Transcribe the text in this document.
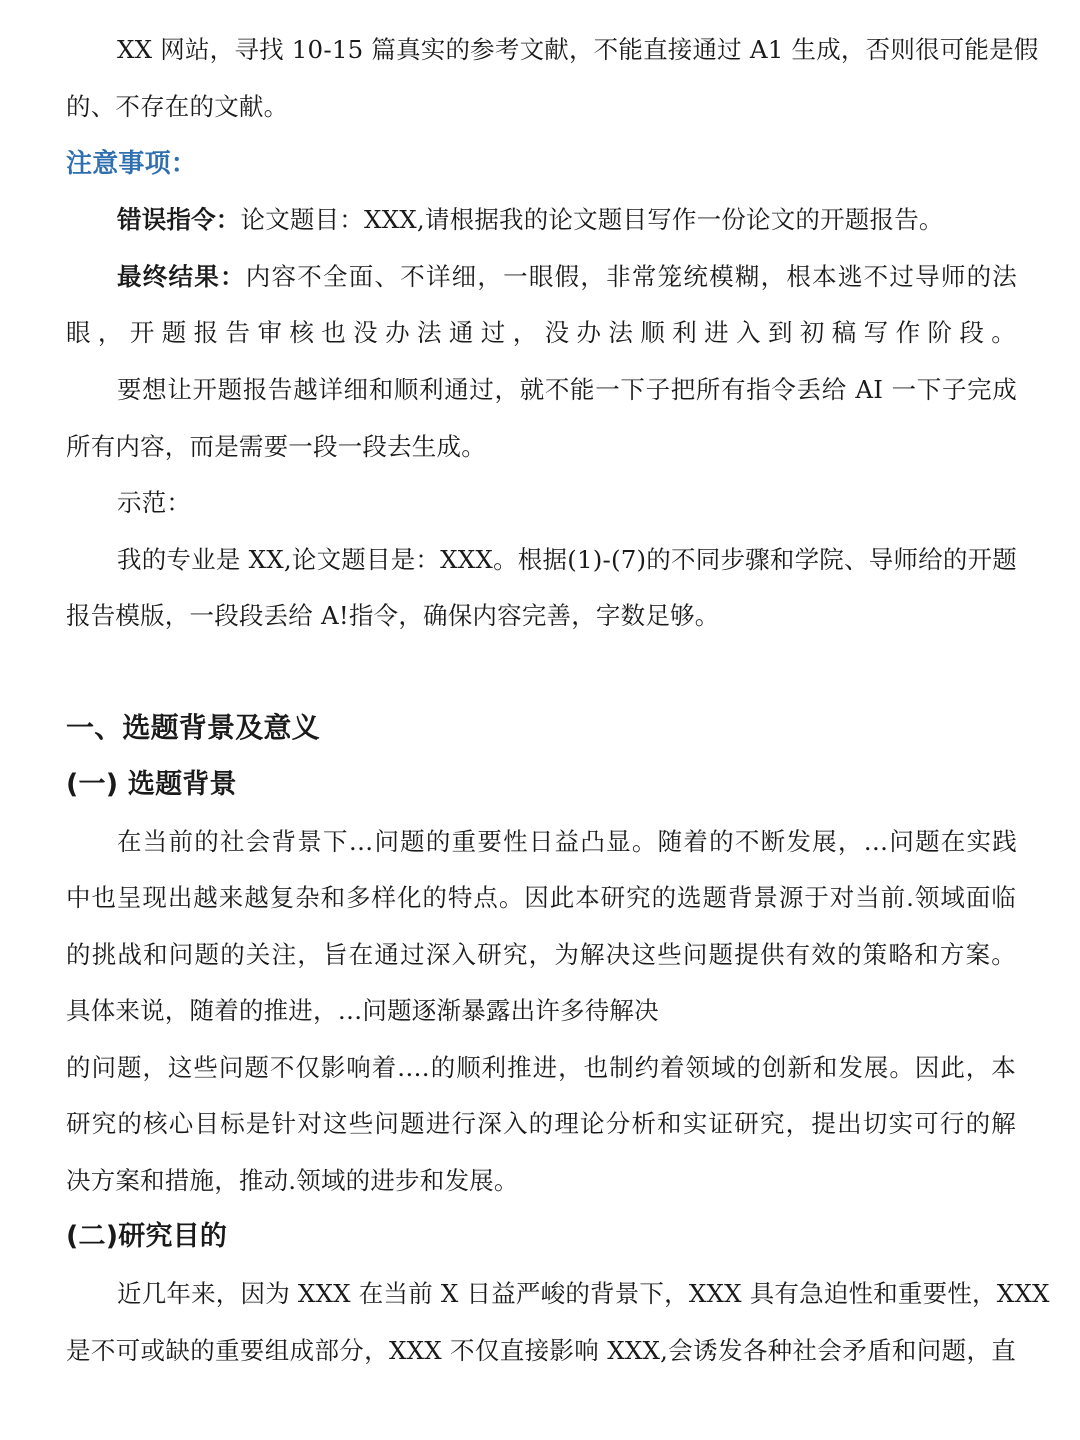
XX 网站，寻找 10-15 篇真实的参考文献，不能直接通过 A1 生成，否则很可能是假
的、不存在的文献。
注意事项：
错误指令：论文题目：XXX,请根据我的论文题目写作一份论文的开题报告。
最终结果：内容不全面、不详细，一眼假，非常笼统模糊，根本逃不过导师的法
眼，开题报告审核也没办法通过，没办法顺利进入到初稿写作阶段。
要想让开题报告越详细和顺利通过，就不能一下子把所有指令丢给 AI 一下子完成
所有内容，而是需要一段一段去生成。
示范：
我的专业是 XX,论文题目是：XXX。根据(1)-(7)的不同步骤和学院、导师给的开题
报告模版，一段段丢给 A!指令，确保内容完善，字数足够。
一、选题背景及意义
(一) 选题背景
在当前的社会背景下…问题的重要性日益凸显。随着的不断发展，…问题在实践
中也呈现出越来越复杂和多样化的特点。因此本研究的选题背景源于对当前.领域面临
的挑战和问题的关注，旨在通过深入研究，为解决这些问题提供有效的策略和方案。
具体来说，随着的推进，…问题逐渐暴露出许多待解决
的问题，这些问题不仅影响着.…的顺利推进，也制约着领域的创新和发展。因此，本
研究的核心目标是针对这些问题进行深入的理论分析和实证研究，提出切实可行的解
决方案和措施，推动.领域的进步和发展。
(二)研究目的
近几年来，因为 XXX 在当前 X 日益严峻的背景下，XXX 具有急迫性和重要性，XXX
是不可或缺的重要组成部分，XXX 不仅直接影响 XXX,会诱发各种社会矛盾和问题，直
